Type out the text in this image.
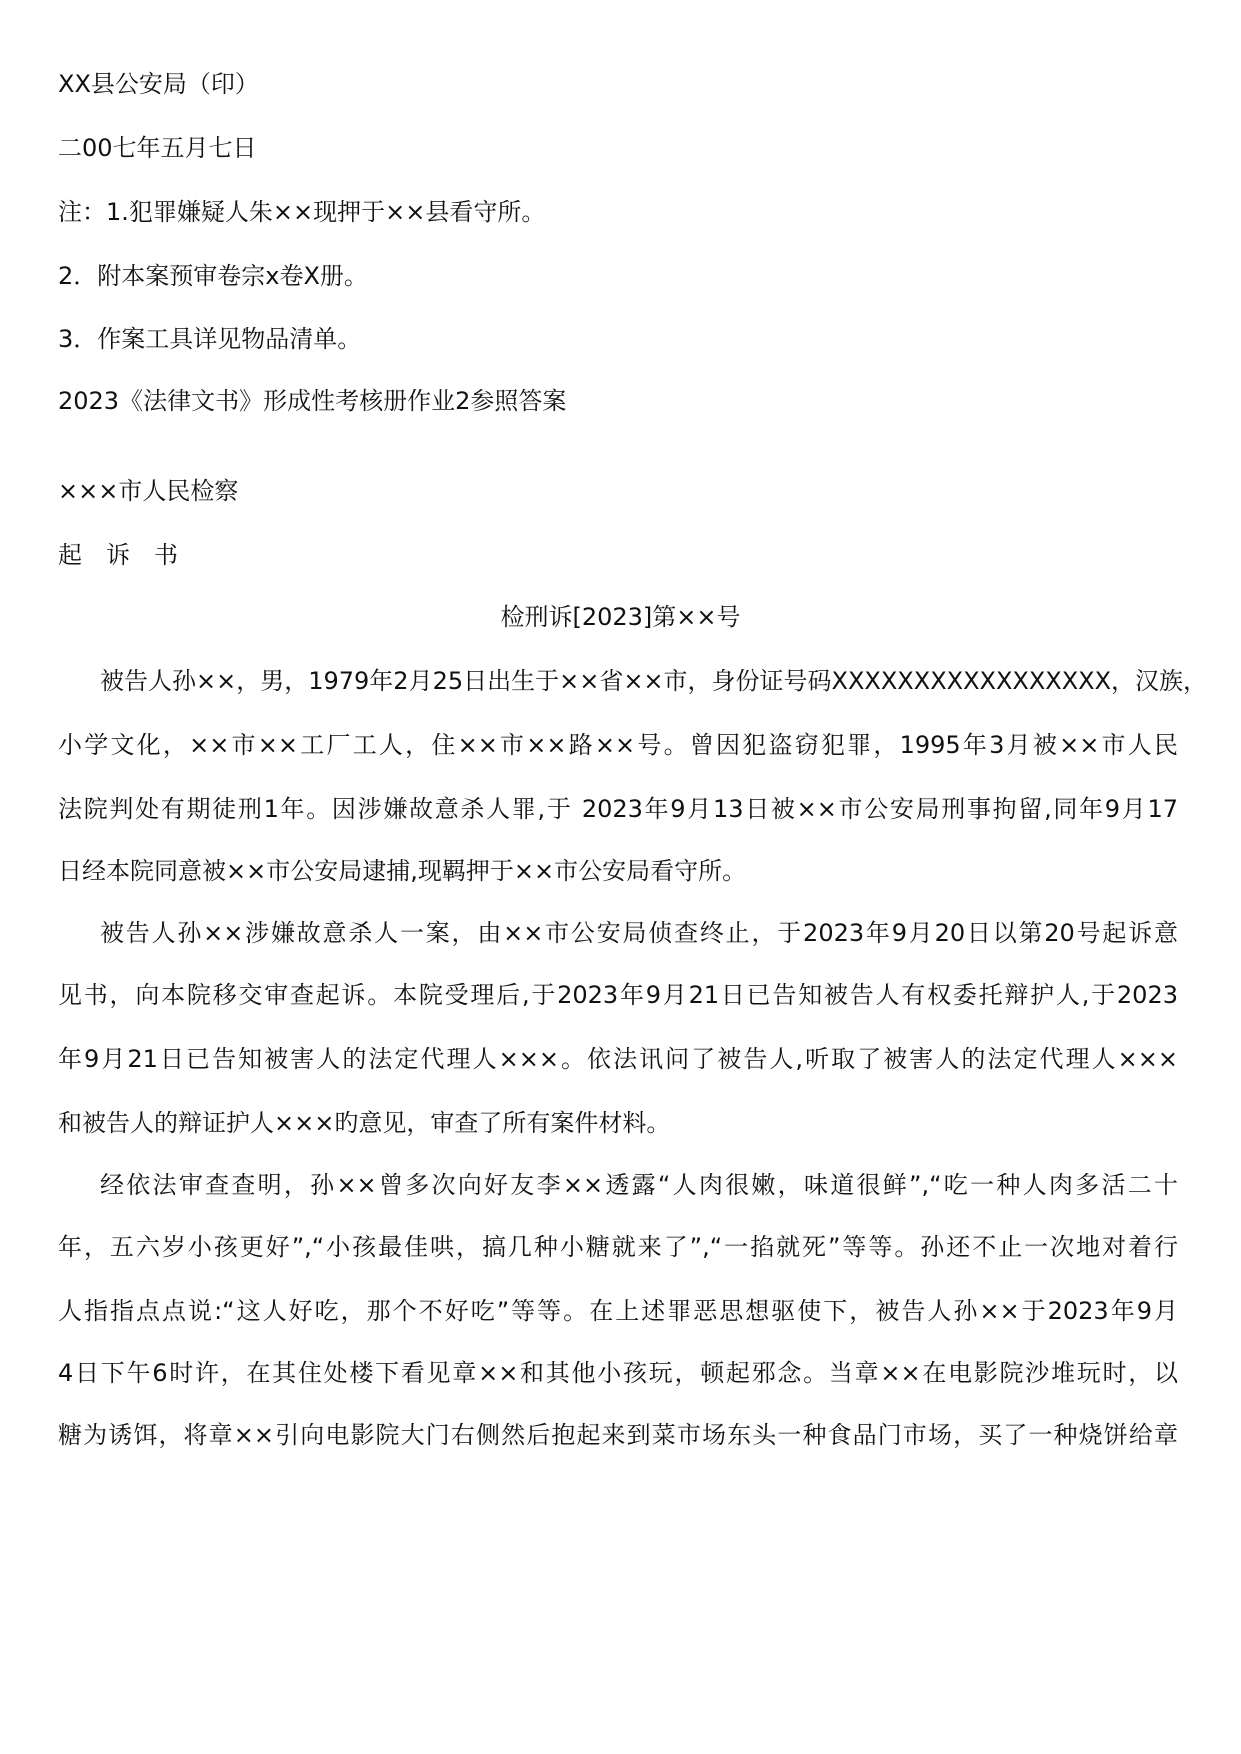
XX县公安局（印）
二00七年五月七日
注：1.犯罪嫌疑人朱××现押于××县看守所。
2．附本案预审卷宗x卷X册。
3．作案工具详见物品清单。
2023《法律文书》形成性考核册作业2参照答案
×××市人民检察
起诉书
检刑诉[2023]第××号
被告人孙××，男，1979年2月25日出生于××省××市，身份证号码XXXXXXXXXXXXXXXXX，汉族，
小学文化，××市××工厂工人，住××市××路××号。曾因犯盗窃犯罪，1995年3月被××市人民
法院判处有期徒刑1年。因涉嫌故意杀人罪,于 2023年9月13日被××市公安局刑事拘留,同年9月17
日经本院同意被××市公安局逮捕,现羁押于××市公安局看守所。
被告人孙××涉嫌故意杀人一案，由××市公安局侦查终止，于2023年9月20日以第20号起诉意
见书，向本院移交审查起诉。本院受理后,于2023年9月21日已告知被告人有权委托辩护人,于2023
年9月21日已告知被害人的法定代理人×××。依法讯问了被告人,听取了被害人的法定代理人×××
和被告人的辩证护人×××旳意见，审查了所有案件材料。
经依法审查查明，孙××曾多次向好友李××透露“人肉很嫩，味道很鲜”,“吃一种人肉多活二十
年，五六岁小孩更好”,“小孩最佳哄，搞几种小糖就来了”,“一掐就死”等等。孙还不止一次地对着行
人指指点点说:“这人好吃，那个不好吃”等等。在上述罪恶思想驱使下，被告人孙××于2023年9月
4日下午6时许，在其住处楼下看见章××和其他小孩玩，顿起邪念。当章××在电影院沙堆玩时，以
糖为诱饵，将章××引向电影院大门右侧然后抱起来到菜市场东头一种食品门市场，买了一种烧饼给章
